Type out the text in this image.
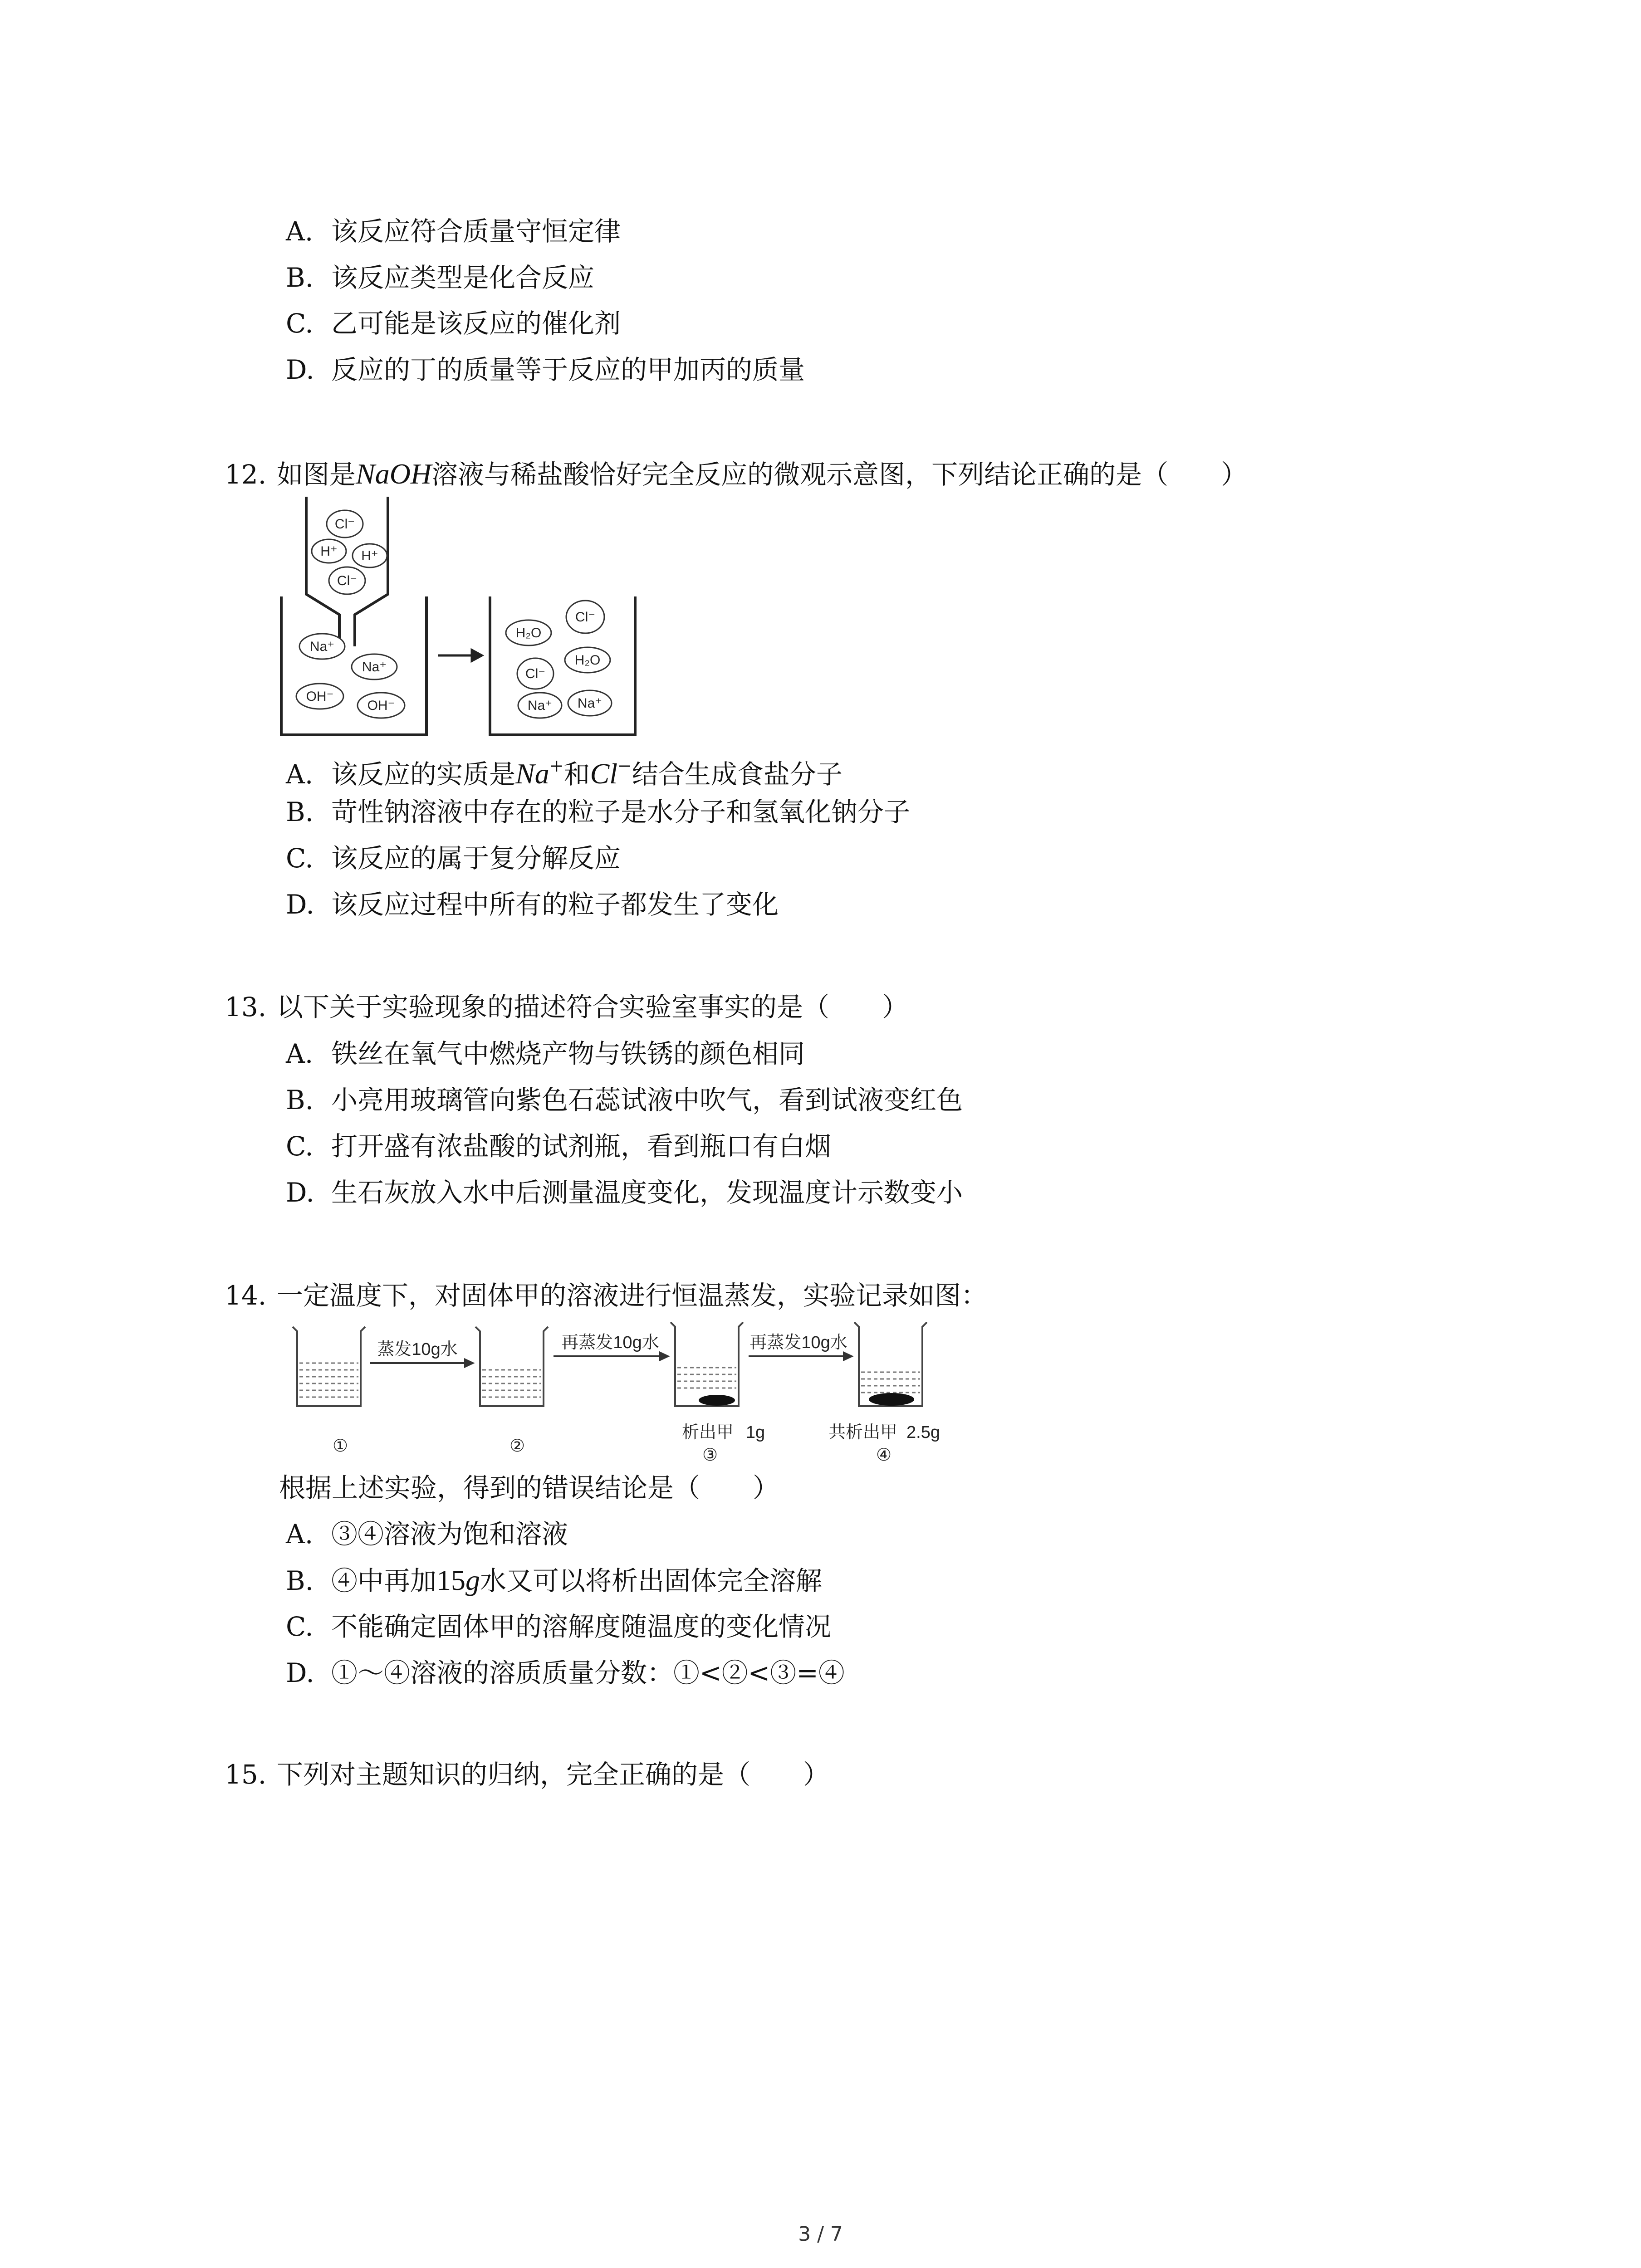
A. 该反应符合质量守恒定律
B. 该反应类型是化合反应
C. 乙可能是该反应的催化剂
D. 反应的丁的质量等于反应的甲加丙的质量
12. 如图是NaOH溶液与稀盐酸恰好完全反应的微观示意图，下列结论正确的是（　　）
Cl⁻
H⁺ H⁺
Cl⁻
Na⁺
Na⁺
OH⁻
OH⁻
H₂O
Cl⁻
H₂O
Cl⁻
Na⁺ Na⁺
A. 该反应的实质是Na+和Cl−结合生成食盐分子
B. 苛性钠溶液中存在的粒子是水分子和氢氧化钠分子
C. 该反应的属于复分解反应
D. 该反应过程中所有的粒子都发生了变化
13. 以下关于实验现象的描述符合实验室事实的是（　　）
A. 铁丝在氧气中燃烧产物与铁锈的颜色相同
B. 小亮用玻璃管向紫色石蕊试液中吹气，看到试液变红色
C. 打开盛有浓盐酸的试剂瓶，看到瓶口有白烟
D. 生石灰放入水中后测量温度变化，发现温度计示数变小
14. 一定温度下，对固体甲的溶液进行恒温蒸发，实验记录如图：
蒸发10g水	再蒸发10g水	再蒸发10g水
①	②	③	④
析出甲 1g	共析出甲 2.5g
根据上述实验，得到的错误结论是（　　）
A. ③④溶液为饱和溶液
B. ④中再加15g水又可以将析出固体完全溶解
C. 不能确定固体甲的溶解度随温度的变化情况
D. ①～④溶液的溶质质量分数：①<②<③=④
15. 下列对主题知识的归纳，完全正确的是（　　）
3 / 7
